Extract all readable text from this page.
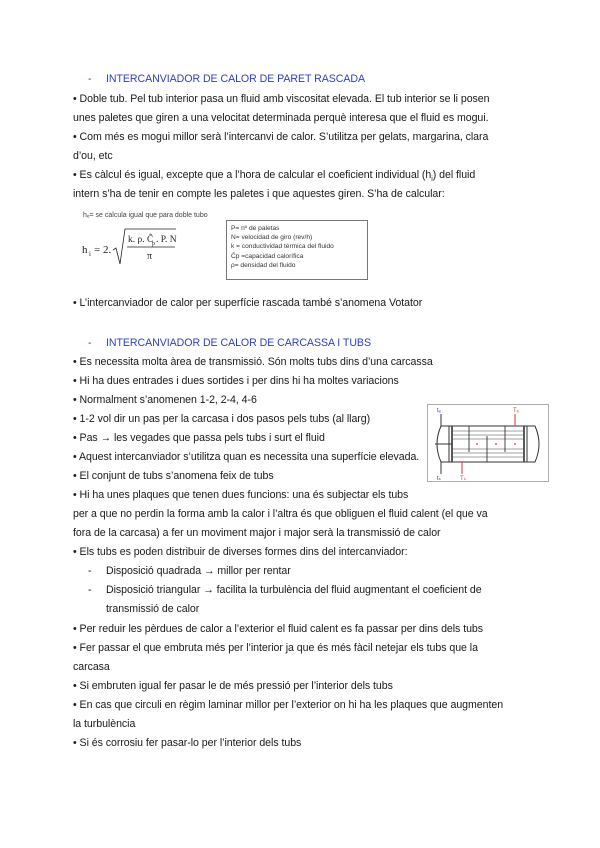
- INTERCANVIADOR DE CALOR DE PARET RASCADA
• Doble tub. Pel tub interior pasa un fluid amb viscositat elevada. El tub interior se li posen
unes paletes que giren a una velocitat determinada perquè interesa que el fluid es mogui.
• Com més es mogui millor serà l’intercanvi de calor. S’utilitza per gelats, margarina, clara
d’ou, etc
• Es càlcul és igual, excepte que a l’hora de calcular el coeficient individual $(h_i)$ del fluid
intern s’ha de tenir en compte les paletes i que aquestes giren. S’ha de calcular:
hₑ= se calcula igual que para doble tubo
h i = 2.
k. ρ. Ĉ
p . P. N
π
P= nº de paletas
N= velocidad de giro (rev/h)
k = conductividad térmica del fluido
Ĉp =capacidad calorífica
ρ= densidad del fluido
• L’intercanviador de calor per superfície rascada també s’anomena Votator
- INTERCANVIADOR DE CALOR DE CARCASSA I TUBS
• Es necessita molta àrea de transmissió. Són molts tubs dins d’una carcassa
• Hi ha dues entrades i dues sortides i per dins hi ha moltes variacions
• Normalment s’anomenen 1-2, 2-4, 4-6
• 1-2 vol dir un pas per la carcasa i dos pasos pels tubs (al llarg)
• Pas → les vegades que passa pels tubs i surt el fluid
• Aquest intercanviador s’utilitza quan es necessita una superfície elevada.
• El conjunt de tubs s’anomena feix de tubs
• Hi ha unes plaques que tenen dues funcions: una és subjectar els tubs
per a que no perdin la forma amb la calor i l’altra és que obliguen el fluid calent (el que va
fora de la carcasa) a fer un moviment major i major serà la transmissió de calor
• Els tubs es poden distribuir de diverses formes dins del intercanviador:
- Disposició quadrada → millor per rentar
- Disposició triangular → facilita la turbulència del fluid augmentant el coeficient de
transmissió de calor
• Per reduir les pèrdues de calor a l’exterior el fluid calent es fa passar per dins dels tubs
• Fer passar el que embruta més per l’interior ja que és més fàcil netejar els tubs que la
carcasa
• Si embruten igual fer pasar le de més pressió per l’interior dels tubs
• En cas que circuli en règim laminar millor per l’exterior on hi ha les plaques que augmenten
la turbulència
• Si és corrosiu fer pasar-lo per l’interior dels tubs
tₑ	Tₑ
Tₛ
tₛ
